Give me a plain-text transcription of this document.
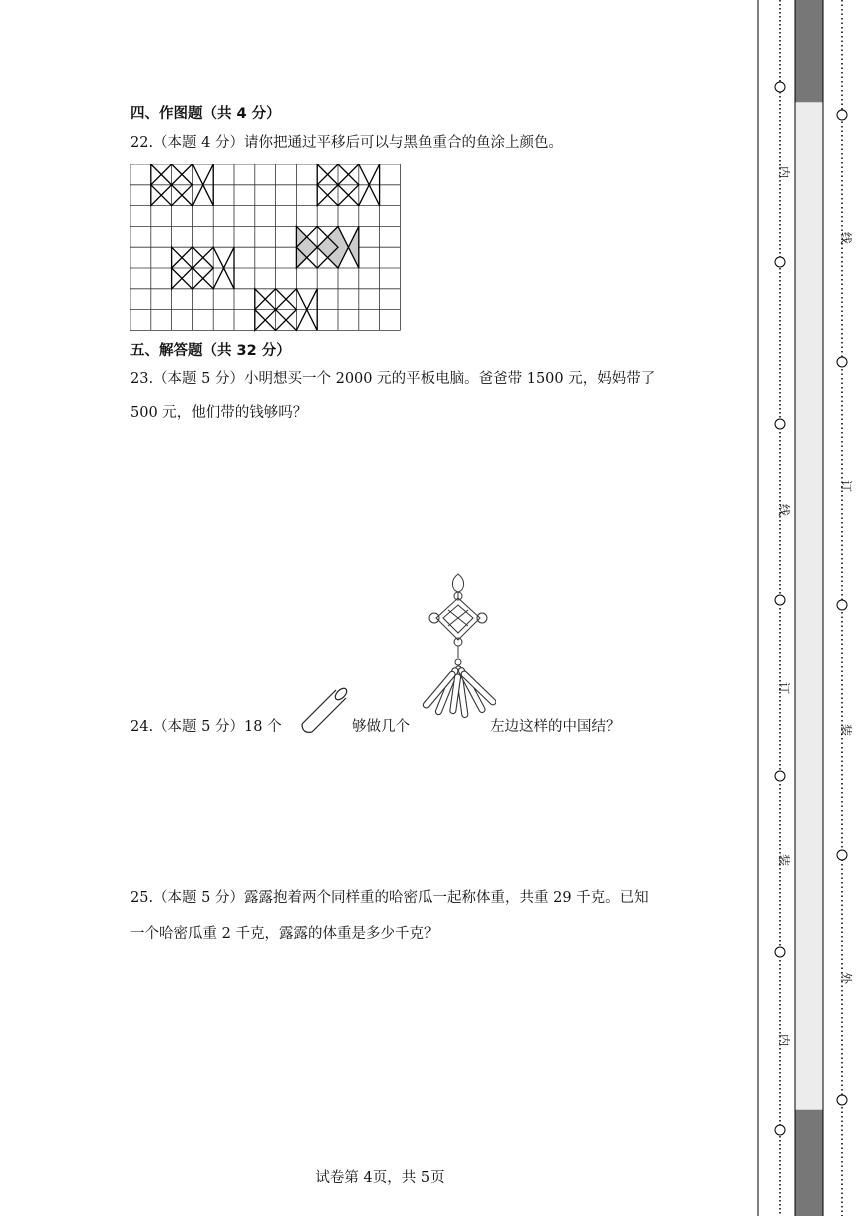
四、作图题（共 4 分）
22.（本题 4 分）请你把通过平移后可以与黑鱼重合的鱼涂上颜色。
五、解答题（共 32 分）
23.（本题 5 分）小明想买一个 2000 元的平板电脑。爸爸带 1500 元，妈妈带了
500 元，他们带的钱够吗？
24.（本题 5 分）18 个	够做几个	左边这样的中国结？
25.（本题 5 分）露露抱着两个同样重的哈密瓜一起称体重，共重 29 千克。已知
一个哈密瓜重 2 千克，露露的体重是多少千克？
试卷第 4页，共 5页
内
线
订
装
内
线
订
装
外
